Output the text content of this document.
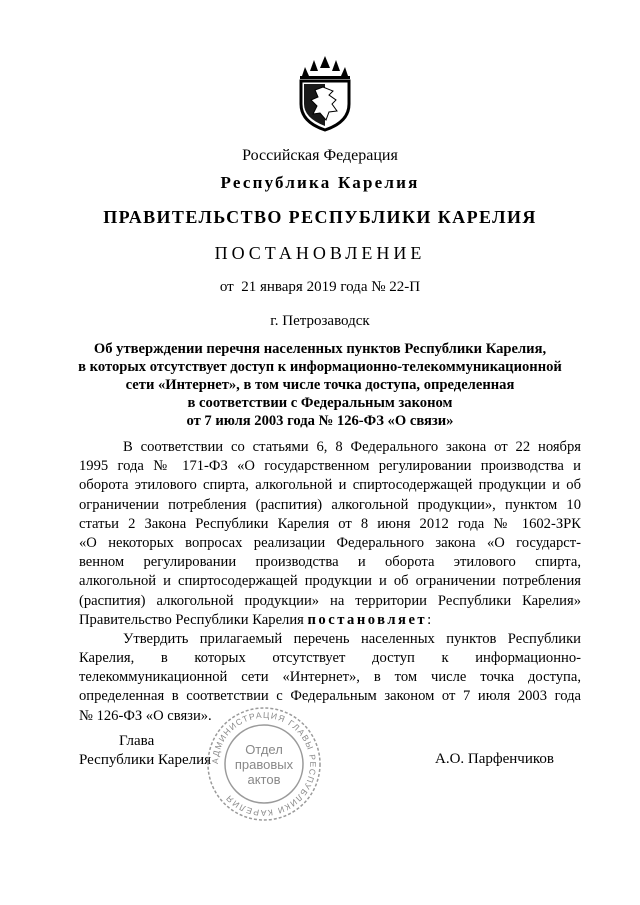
Российская Федерация
Республика Карелия
ПРАВИТЕЛЬСТВО РЕСПУБЛИКИ КАРЕЛИЯ
ПОСТАНОВЛЕНИЕ
от  21 января 2019 года № 22-П
г. Петрозаводск
Об утверждении перечня населенных пунктов Республики Карелия,
в которых отсутствует доступ к информационно-телекоммуникационной
сети «Интернет», в том числе точка доступа, определенная
в соответствии с Федеральным законом
от 7 июля 2003 года № 126-ФЗ «О связи»
В соответствии со статьями 6, 8 Федерального закона от 22 ноября
1995 года № 171-ФЗ «О государственном регулировании производства и
оборота этилового спирта, алкогольной и спиртосодержащей продукции и об
ограничении потребления (распития) алкогольной продукции», пунктом 10
статьи 2 Закона Республики Карелия от 8 июня 2012 года № 1602-ЗРК
«О некоторых вопросах реализации Федерального закона «О государст-
венном регулировании производства и оборота этилового спирта,
алкогольной и спиртосодержащей продукции и об ограничении потребления
(распития) алкогольной продукции» на территории Республики Карелия»
Правительство Республики Карелия постановляет:
Утвердить прилагаемый перечень населенных пунктов Республики
Карелия, в которых отсутствует доступ к информационно-
телекоммуникационной сети «Интернет», в том числе точка доступа,
определенная в соответствии с Федеральным законом от 7 июля 2003 года
№ 126-ФЗ «О связи».
Глава
Республики Карелия	А.О. Парфенчиков
АДМИНИСТРАЦИЯ ГЛАВЫ РЕСПУБЛИКИ КАРЕЛИЯ
Отдел
правовых
актов
